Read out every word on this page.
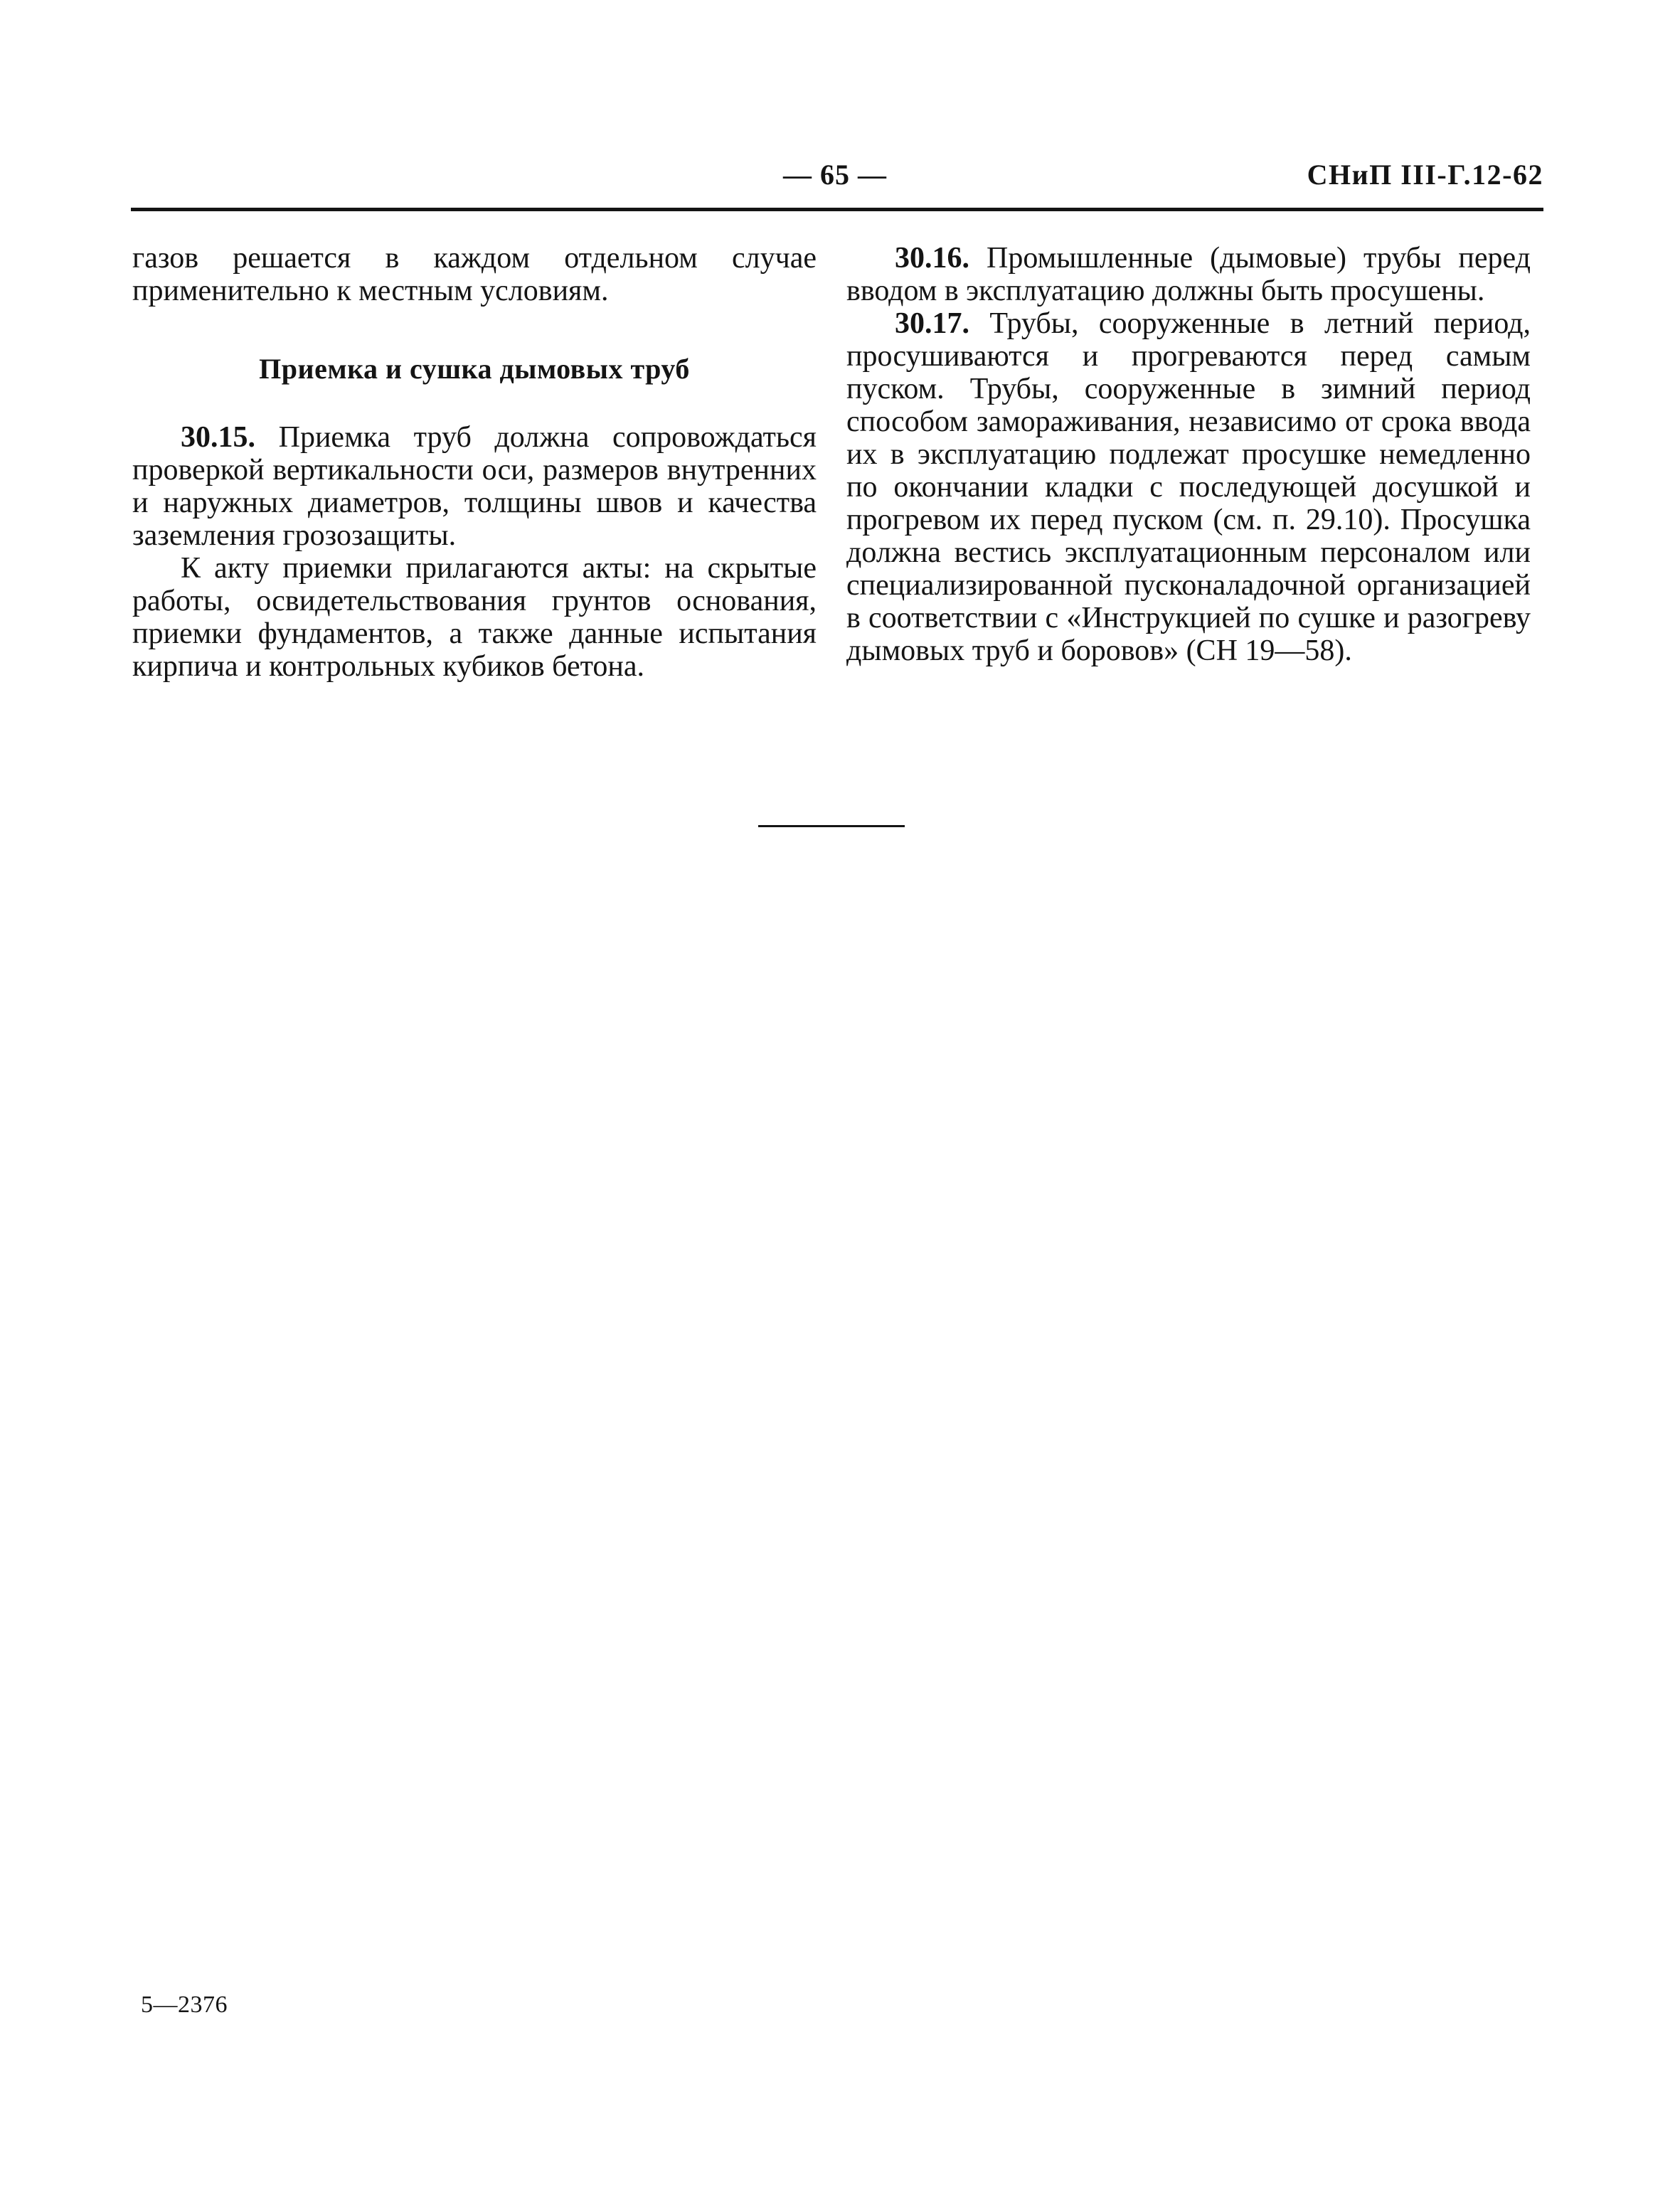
— 65 —	СНиП III-Г.12-62

газов решается в каждом отдельном случае применительно к местным условиям.

Приемка и сушка дымовых труб

30.15. Приемка труб должна сопровождаться проверкой вертикальности оси, размеров внутренних и наружных диаметров, толщины швов и качества заземления грозозащиты.

К акту приемки прилагаются акты: на скрытые работы, освидетельствования грунтов основания, приемки фундаментов, а также данные испытания кирпича и контрольных кубиков бетона.

30.16. Промышленные (дымовые) трубы перед вводом в эксплуатацию должны быть просушены.

30.17. Трубы, сооруженные в летний период, просушиваются и прогреваются перед самым пуском. Трубы, сооруженные в зимний период способом замораживания, независимо от срока ввода их в эксплуатацию подлежат просушке немедленно по окончании кладки с последующей досушкой и прогревом их перед пуском (см. п. 29.10). Просушка должна вестись эксплуатационным персоналом или специализированной пусконаладочной организацией в соответствии с «Инструкцией по сушке и разогреву дымовых труб и боровов» (СН 19—58).

5—2376
